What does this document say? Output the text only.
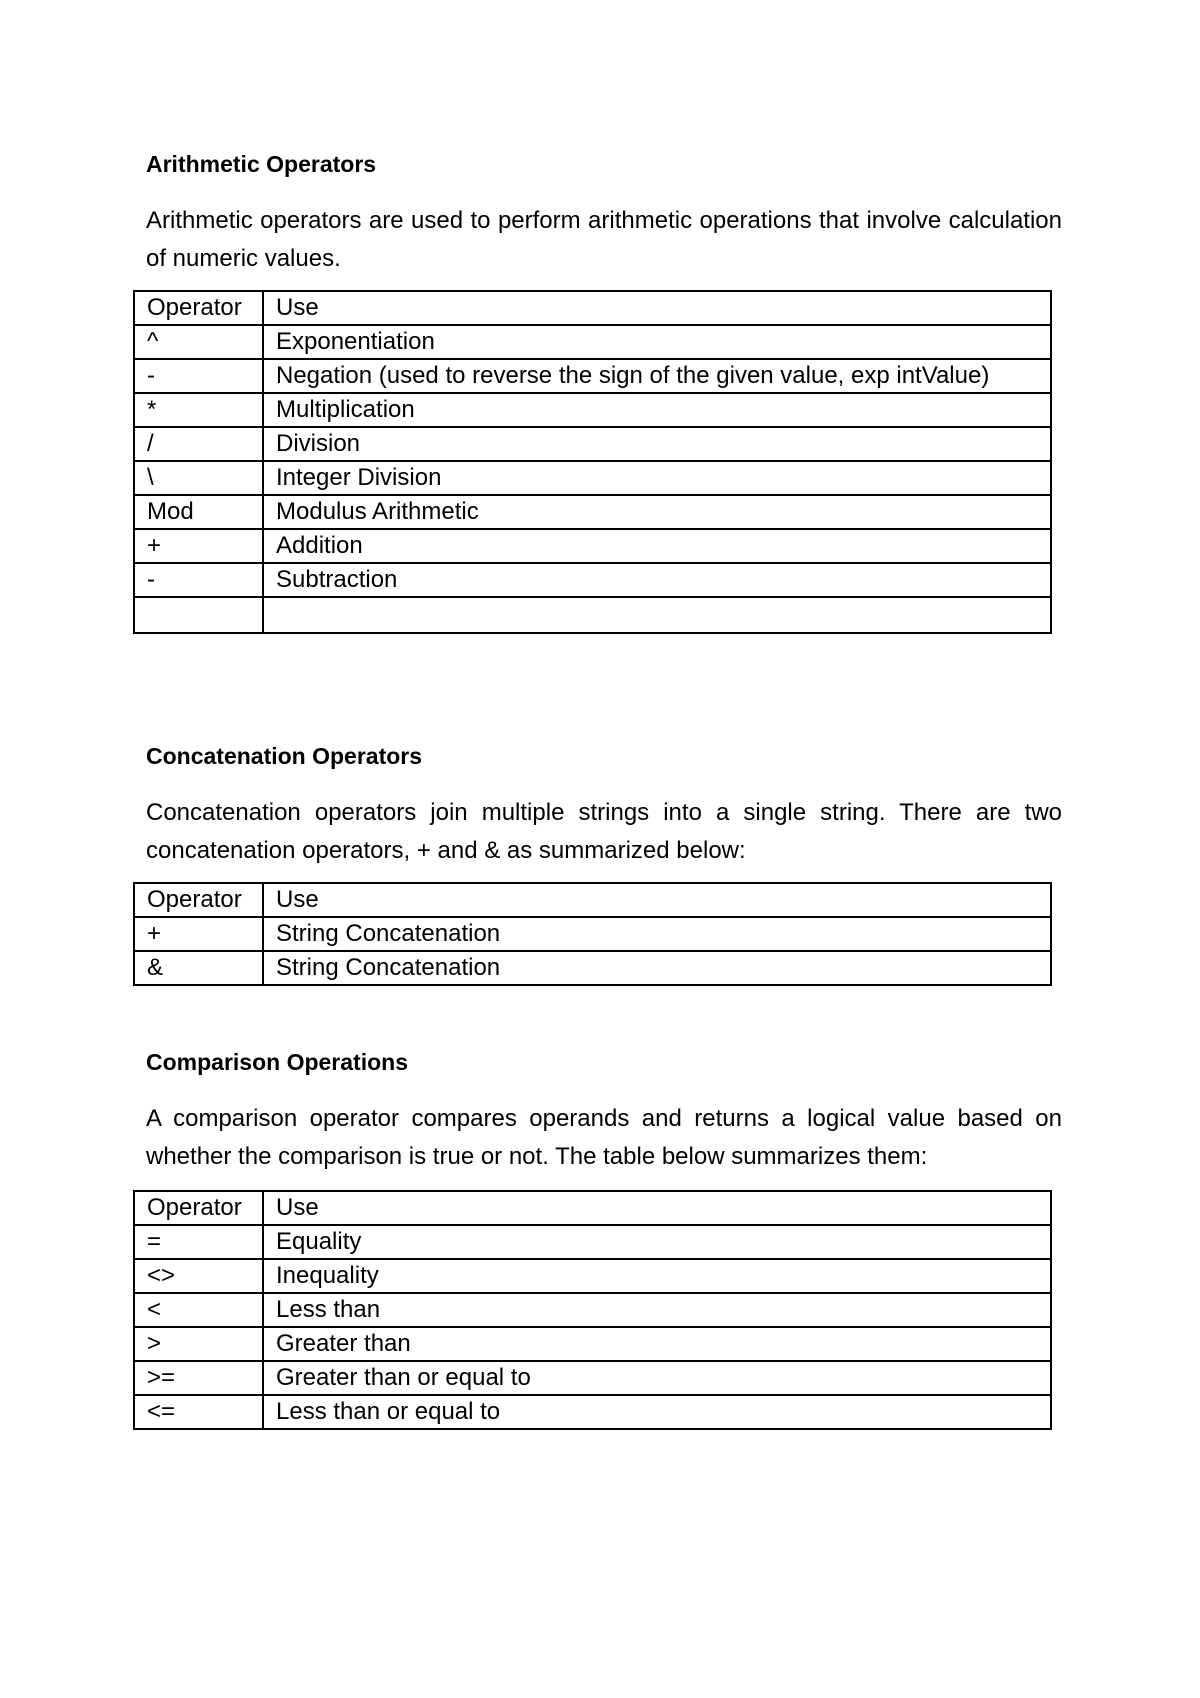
Arithmetic Operators

Arithmetic operators are used to perform arithmetic operations that involve calculation of numeric values.

Operator	Use
^	Exponentiation
-	Negation (used to reverse the sign of the given value, exp intValue)
*	Multiplication
/	Division
\	Integer Division
Mod	Modulus Arithmetic
+	Addition
-	Subtraction

Concatenation Operators

Concatenation operators join multiple strings into a single string. There are two concatenation operators, + and & as summarized below:

Operator	Use
+	String Concatenation
&	String Concatenation

Comparison Operations

A comparison operator compares operands and returns a logical value based on whether the comparison is true or not. The table below summarizes them:

Operator	Use
=	Equality
<>	Inequality
<	Less than
>	Greater than
>=	Greater than or equal to
<=	Less than or equal to
